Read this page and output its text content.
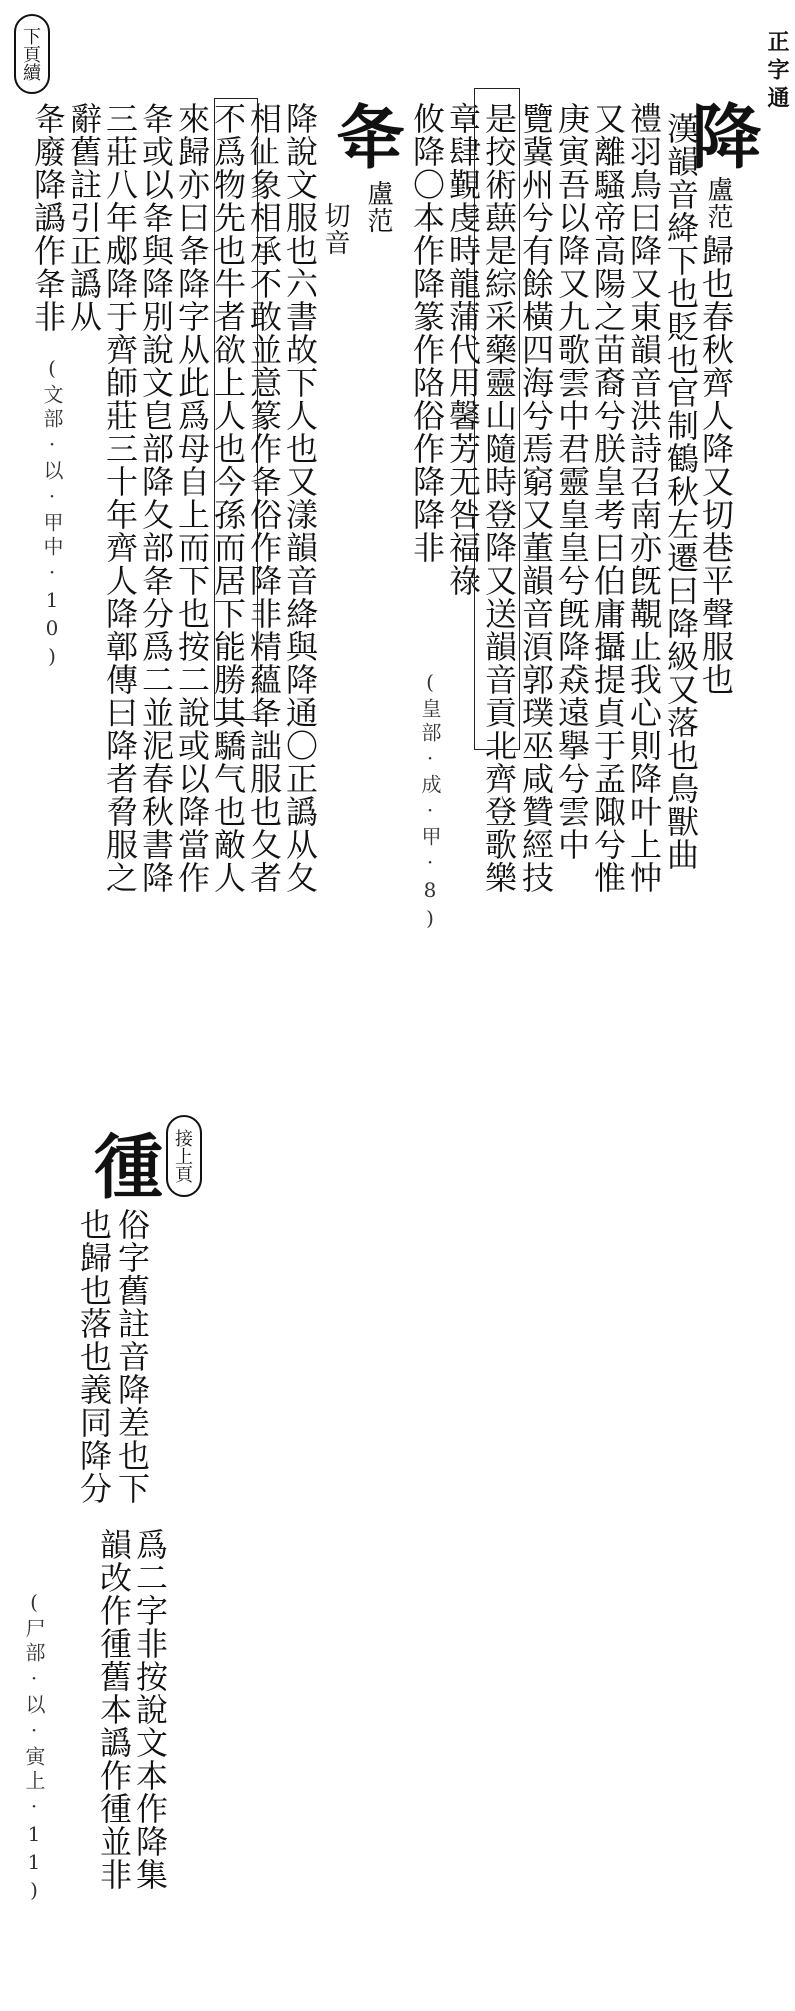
正字通
下頁續
降
盧范
歸也春秋齊人降又切巷平聲服也
漢韻音絳下也貶也官制鶴秋左遷曰降級又落也鳥獸曲
禮羽鳥曰降又東韻音洪詩召南亦旣覯止我心則降叶上忡
又離騷帝高陽之苗裔兮朕皇考曰伯庸攝提貞于孟陬兮惟
庚寅吾以降又九歌雲中君靈皇皇兮旣降猋遠擧兮雲中
覽冀州兮有餘橫四海兮焉窮又董韻音湏郭璞巫咸贊經技
是挍術蕻是綜采藥靈山隨時登降又送韻音貢北齊登歌樂
章肆覲虔時龍蒲代用馨芳无咎福祿
攸降〇本作降篆作䧄俗作降降非
(皇部·成·甲·8)
夅
盧范
切音
降說文服也六書故下人也又漾韻音絳與降通〇正譌从夂
相𢓊象相承不敢並意篆作夅俗作降非精蘊夅詘服也夂者
不爲物先也牛者欲上人也今孫而居下能勝其驕气也敵人
來歸亦曰夅降字从此爲母自上而下也按二說或以降當作
夅或以夅與降別說文皀部降夂部夅分爲二並泥春秋書降
三莊八年郕降于齊師莊三十年齊人降鄣傳曰降者脅服之
辭舊註引正譌从
夅廢降譌作夅非
(文部·以·甲中·10)
接上頁
㣫
俗字舊註音降差也下
也歸也落也義同降分
爲二字非按說文本作降集
韻改作㣫舊本譌作㣫並非
(尸部·以·寅上·11)
